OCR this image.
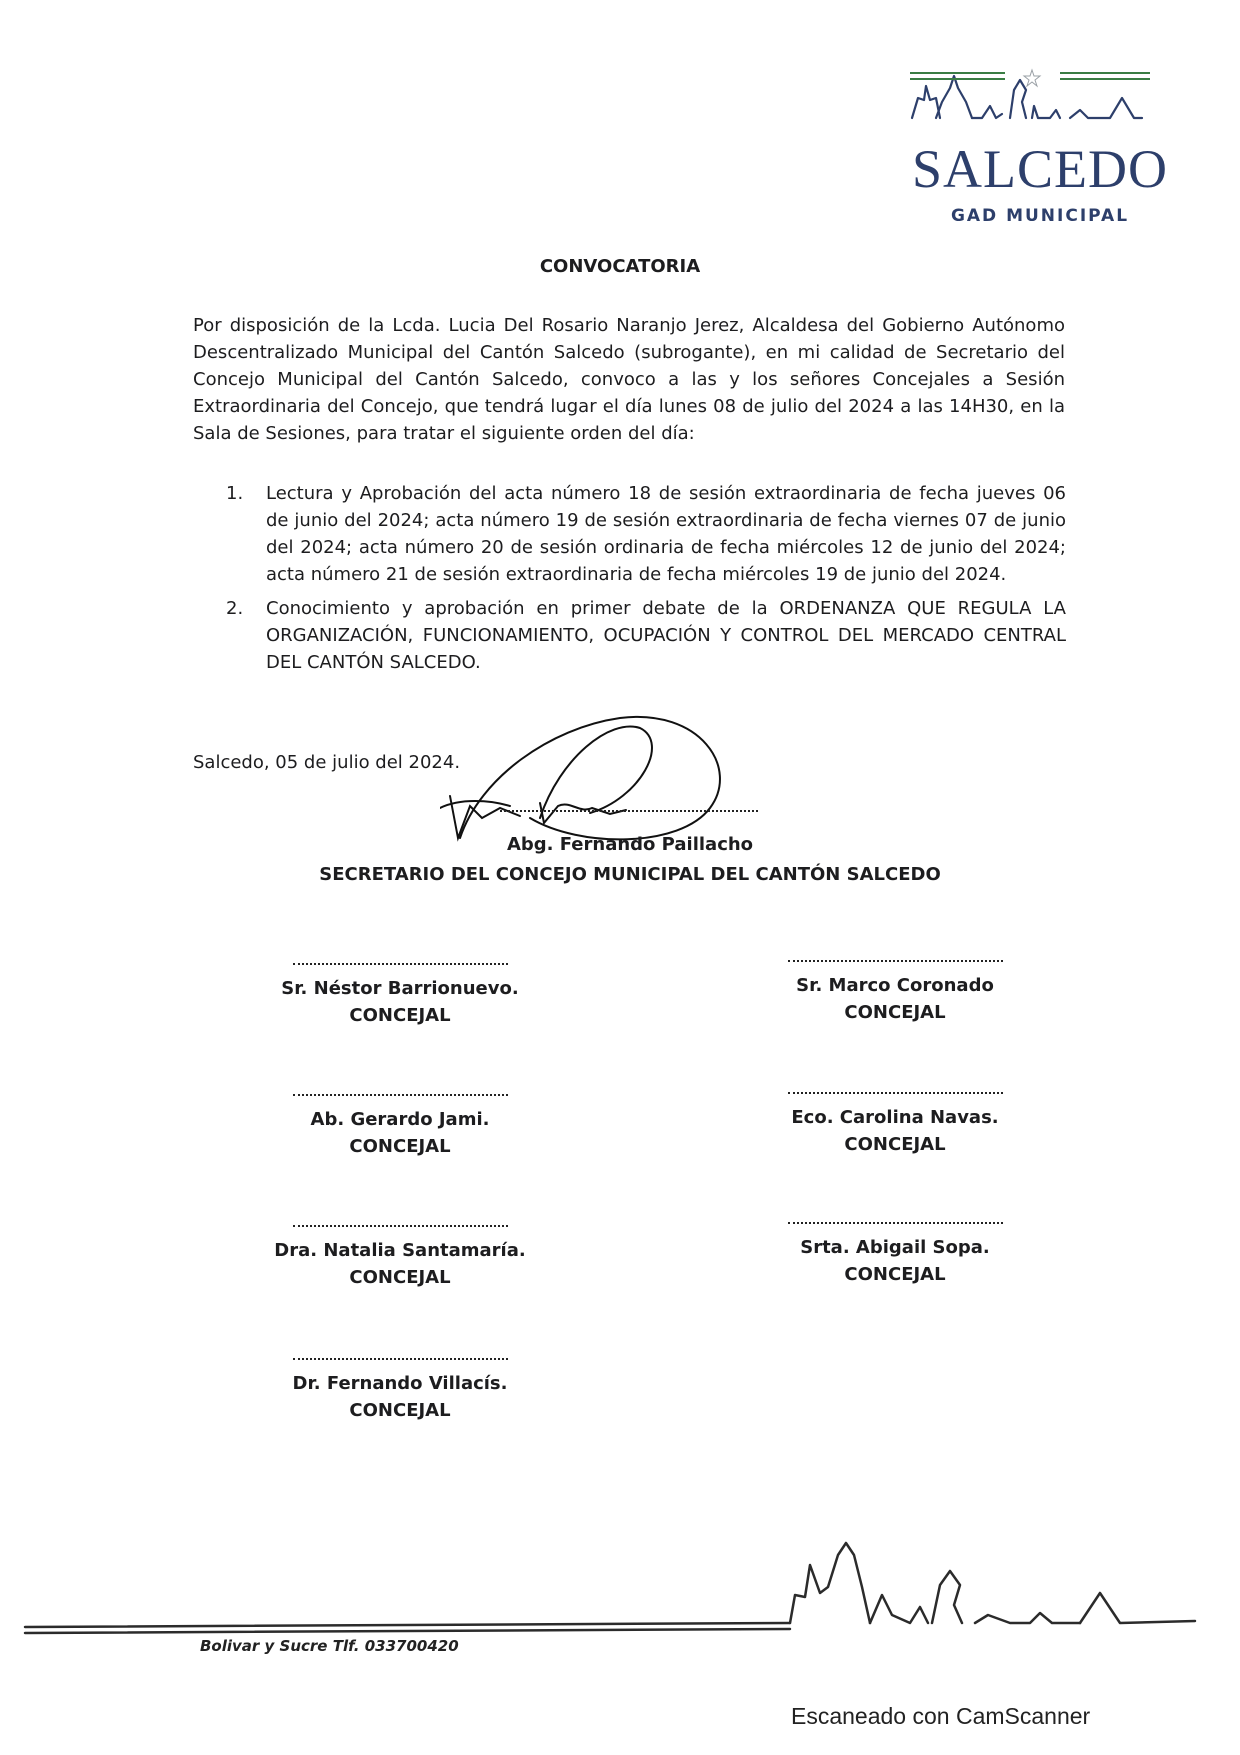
SALCEDO
GAD MUNICIPAL
CONVOCATORIA
Por disposición de la Lcda. Lucia Del Rosario Naranjo Jerez, Alcaldesa del Gobierno Autónomo Descentralizado Municipal del Cantón Salcedo (subrogante), en mi calidad de Secretario del Concejo Municipal del Cantón Salcedo, convoco a las y los señores Concejales a Sesión Extraordinaria del Concejo, que tendrá lugar el día lunes 08 de julio del 2024 a las 14H30, en la Sala de Sesiones, para tratar el siguiente orden del día:
1. Lectura y Aprobación del acta número 18 de sesión extraordinaria de fecha jueves 06 de junio del 2024; acta número 19 de sesión extraordinaria de fecha viernes 07 de junio del 2024; acta número 20 de sesión ordinaria de fecha miércoles 12 de junio del 2024; acta número 21 de sesión extraordinaria de fecha miércoles 19 de junio del 2024.
2. Conocimiento y aprobación en primer debate de la ORDENANZA QUE REGULA LA ORGANIZACIÓN, FUNCIONAMIENTO, OCUPACIÓN Y CONTROL DEL MERCADO CENTRAL DEL CANTÓN SALCEDO.
Salcedo, 05 de julio del 2024.
Abg. Fernando Paillacho
SECRETARIO DEL CONCEJO MUNICIPAL DEL CANTÓN SALCEDO
Sr. Néstor Barrionuevo.
CONCEJAL
Sr. Marco Coronado
CONCEJAL
Ab. Gerardo Jami.
CONCEJAL
Eco. Carolina Navas.
CONCEJAL
Dra. Natalia Santamaría.
CONCEJAL
Srta. Abigail Sopa.
CONCEJAL
Dr. Fernando Villacís.
CONCEJAL
Bolivar y Sucre Tlf. 033700420
Escaneado con CamScanner
